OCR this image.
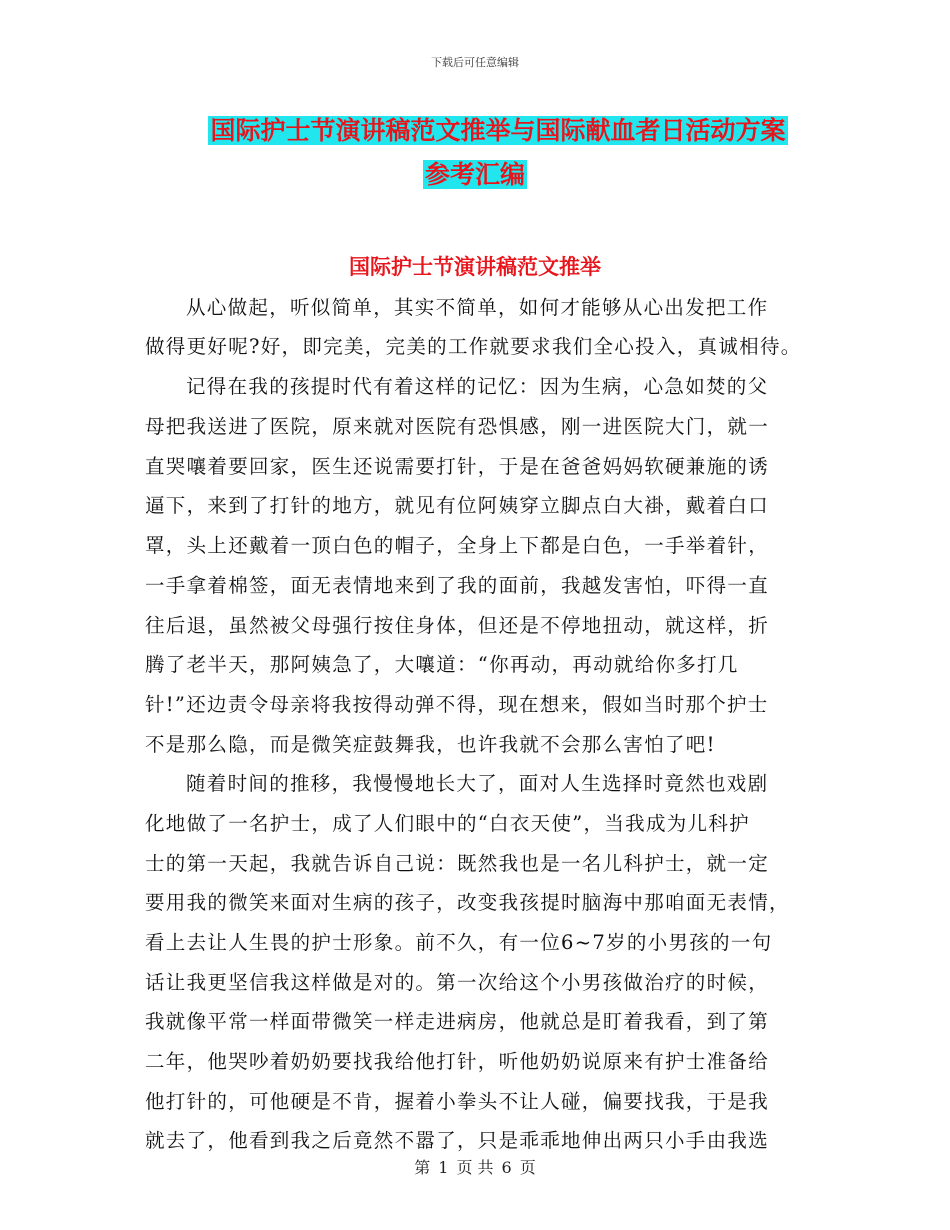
下载后可任意编辑
国际护士节演讲稿范文推举与国际献血者日活动方案
参考汇编
国际护士节演讲稿范文推举
从心做起，听似简单，其实不简单，如何才能够从心出发把工作
做得更好呢?好，即完美，完美的工作就要求我们全心投入，真诚相待。
记得在我的孩提时代有着这样的记忆：因为生病，心急如焚的父
母把我送进了医院，原来就对医院有恐惧感，刚一进医院大门，就一
直哭嚷着要回家，医生还说需要打针，于是在爸爸妈妈软硬兼施的诱
逼下，来到了打针的地方，就见有位阿姨穿立脚点白大褂，戴着白口
罩，头上还戴着一顶白色的帽子，全身上下都是白色，一手举着针，
一手拿着棉签，面无表情地来到了我的面前，我越发害怕，吓得一直
往后退，虽然被父母强行按住身体，但还是不停地扭动，就这样，折
腾了老半天，那阿姨急了，大嚷道：“你再动，再动就给你多打几
针!”还边责令母亲将我按得动弹不得，现在想来，假如当时那个护士
不是那么隐，而是微笑症鼓舞我，也许我就不会那么害怕了吧!
随着时间的推移，我慢慢地长大了，面对人生选择时竟然也戏剧
化地做了一名护士，成了人们眼中的“白衣天使”，当我成为儿科护
士的第一天起，我就告诉自己说：既然我也是一名儿科护士，就一定
要用我的微笑来面对生病的孩子，改变我孩提时脑海中那咱面无表情，
看上去让人生畏的护士形象。前不久，有一位6~7岁的小男孩的一句
话让我更坚信我这样做是对的。第一次给这个小男孩做治疗的时候，
我就像平常一样面带微笑一样走进病房，他就总是盯着我看，到了第
二年，他哭吵着奶奶要找我给他打针，听他奶奶说原来有护士准备给
他打针的，可他硬是不肯，握着小拳头不让人碰，偏要找我，于是我
就去了，他看到我之后竟然不嚣了，只是乖乖地伸出两只小手由我选
第 1 页 共 6 页
